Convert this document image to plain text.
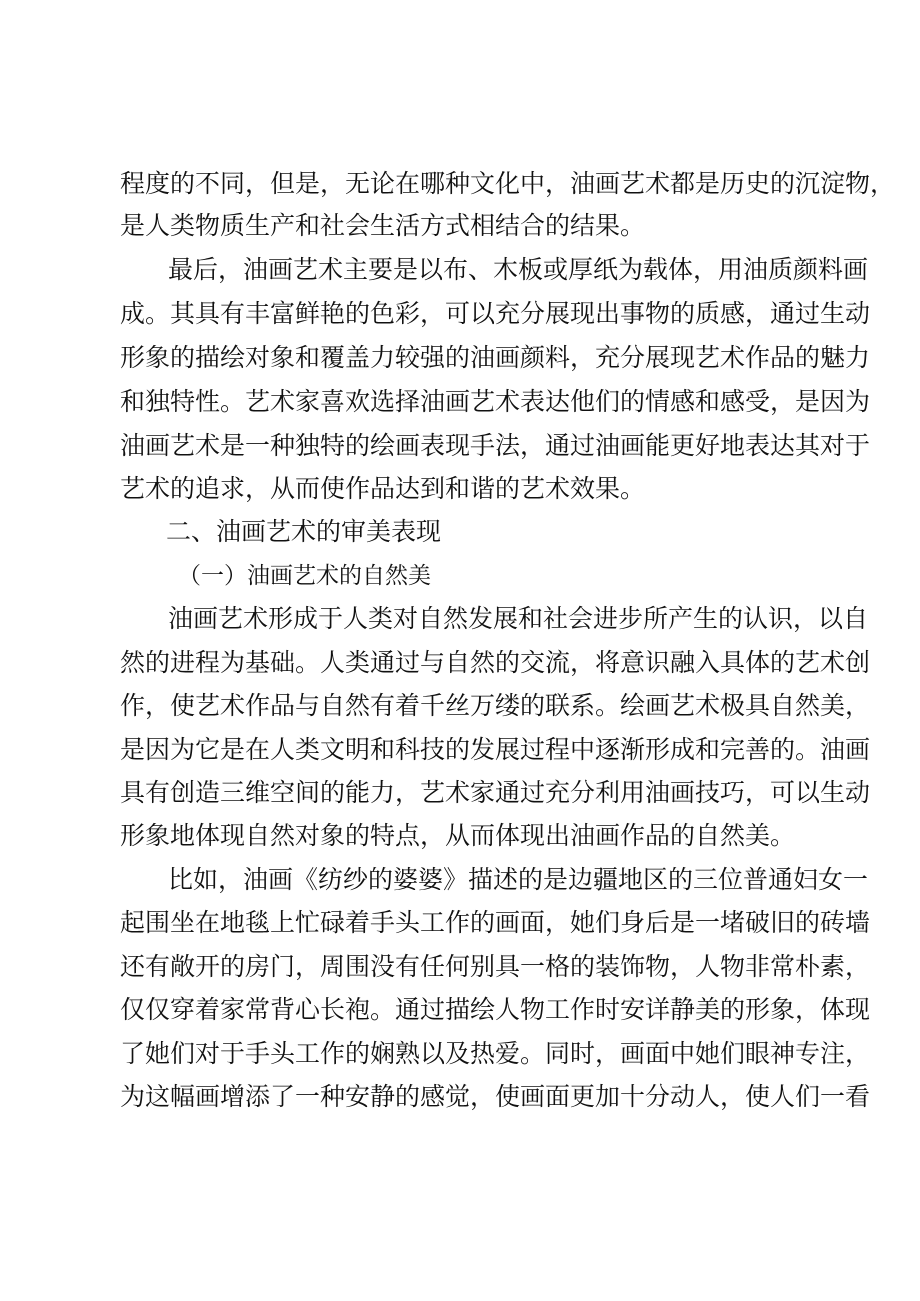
程度的不同，但是，无论在哪种文化中，油画艺术都是历史的沉淀物，
是人类物质生产和社会生活方式相结合的结果。
最后，油画艺术主要是以布、木板或厚纸为载体，用油质颜料画
成。其具有丰富鲜艳的色彩，可以充分展现出事物的质感，通过生动
形象的描绘对象和覆盖力较强的油画颜料，充分展现艺术作品的魅力
和独特性。艺术家喜欢选择油画艺术表达他们的情感和感受，是因为
油画艺术是一种独特的绘画表现手法，通过油画能更好地表达其对于
艺术的追求，从而使作品达到和谐的艺术效果。
二、油画艺术的审美表现
（一）油画艺术的自然美
油画艺术形成于人类对自然发展和社会进步所产生的认识，以自
然的进程为基础。人类通过与自然的交流，将意识融入具体的艺术创
作，使艺术作品与自然有着千丝万缕的联系。绘画艺术极具自然美，
是因为它是在人类文明和科技的发展过程中逐渐形成和完善的。油画
具有创造三维空间的能力，艺术家通过充分利用油画技巧，可以生动
形象地体现自然对象的特点，从而体现出油画作品的自然美。
比如，油画《纺纱的婆婆》描述的是边疆地区的三位普通妇女一
起围坐在地毯上忙碌着手头工作的画面，她们身后是一堵破旧的砖墙
还有敞开的房门，周围没有任何别具一格的装饰物，人物非常朴素，
仅仅穿着家常背心长袍。通过描绘人物工作时安详静美的形象，体现
了她们对于手头工作的娴熟以及热爱。同时，画面中她们眼神专注，
为这幅画增添了一种安静的感觉，使画面更加十分动人，使人们一看
